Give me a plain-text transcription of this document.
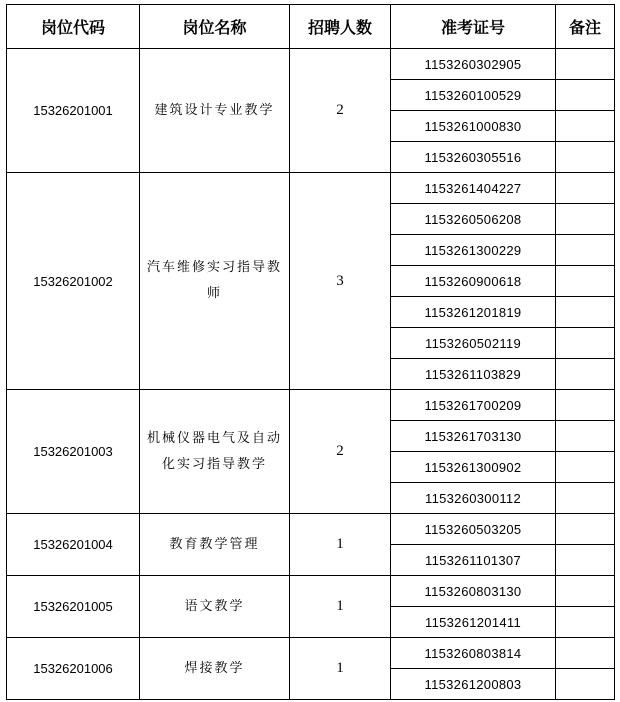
岗位代码	岗位名称	招聘人数	准考证号	备注
15326201001	建筑设计专业教学	2	1153260302905	
			1153260100529	
			1153261000830	
			1153260305516	
15326201002	汽车维修实习指导教师	3	1153261404227	
			1153260506208	
			1153261300229	
			1153260900618	
			1153261201819	
			1153260502119	
			1153261103829	
15326201003	机械仪器电气及自动化实习指导教学	2	1153261700209	
			1153261703130	
			1153261300902	
			1153260300112	
15326201004	教育教学管理	1	1153260503205	
			1153261101307	
15326201005	语文教学	1	1153260803130	
			1153261201411	
15326201006	焊接教学	1	1153260803814	
			1153261200803	
